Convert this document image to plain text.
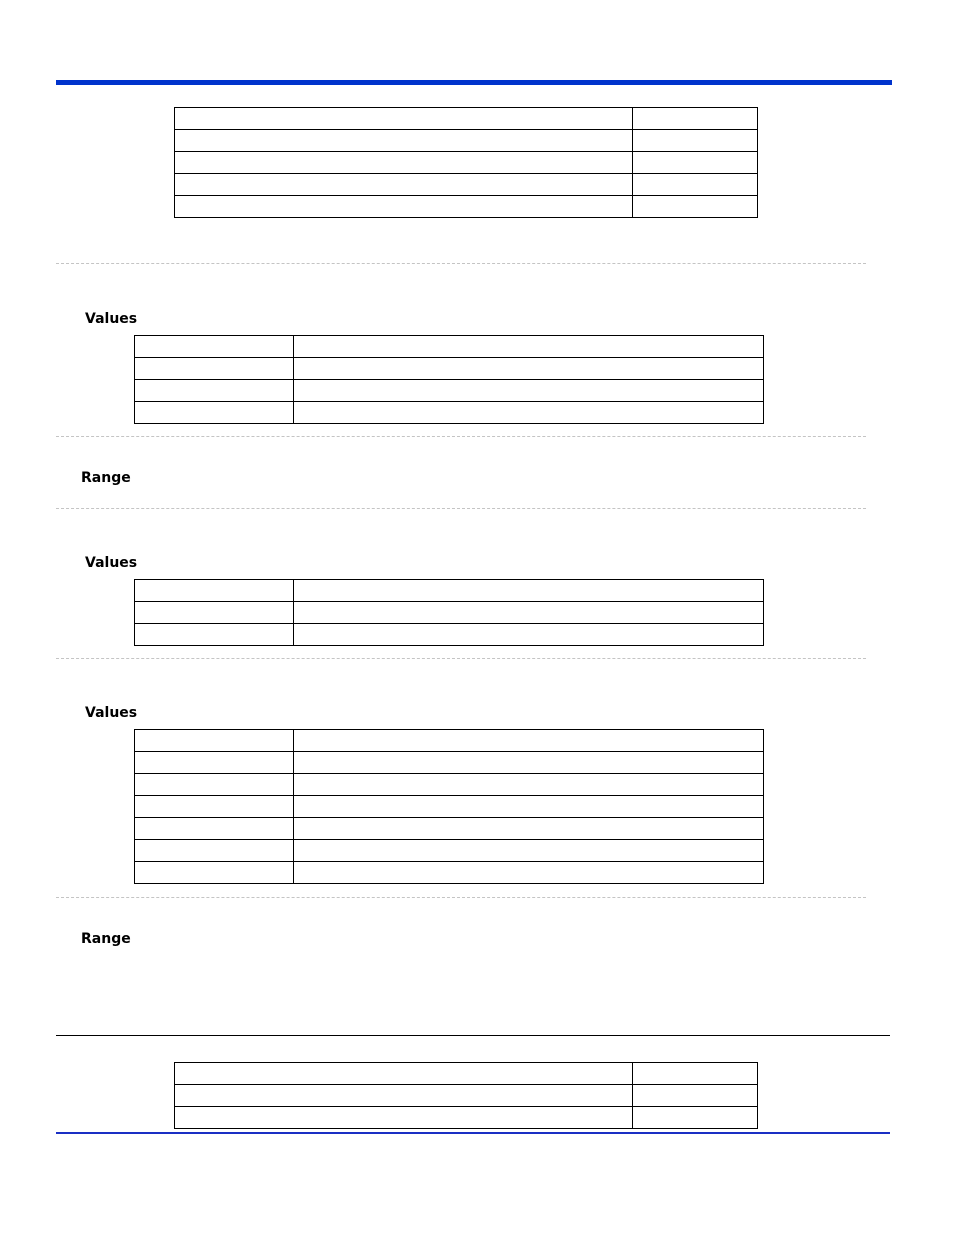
Values

Range

Values

Values

Range
